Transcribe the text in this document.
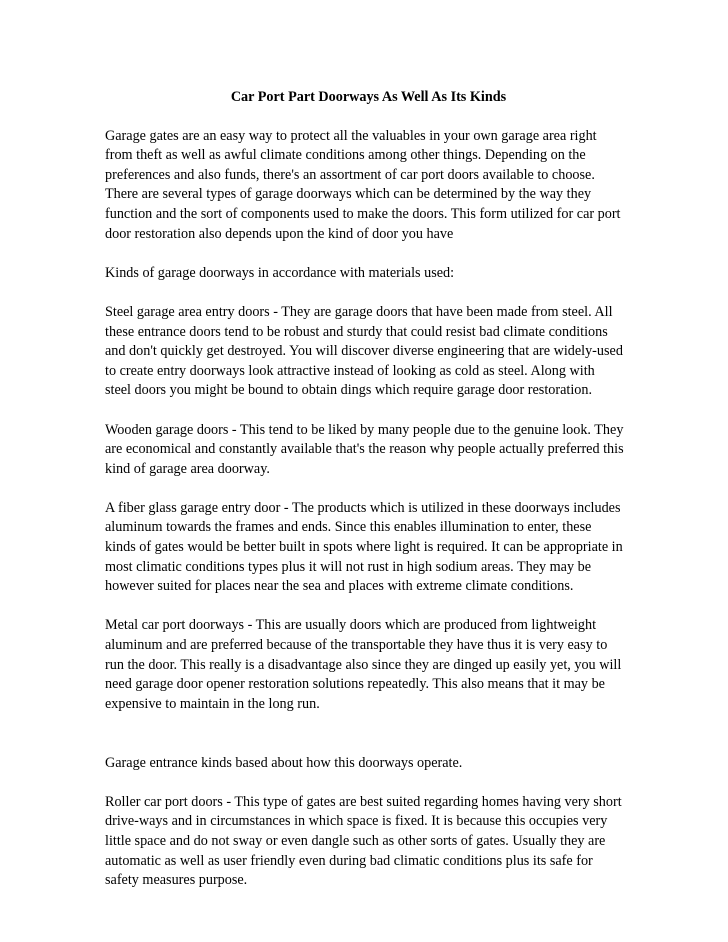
Car Port Part Doorways As Well As Its Kinds

Garage gates are an easy way to protect all the valuables in your own garage area right from theft as well as awful climate conditions among other things. Depending on the preferences and also funds, there's an assortment of car port doors available to choose. There are several types of garage doorways which can be determined by the way they function and the sort of components used to make the doors. This form utilized for car port door restoration also depends upon the kind of door you have

Kinds of garage doorways in accordance with materials used:

Steel garage area entry doors - They are garage doors that have been made from steel. All these entrance doors tend to be robust and sturdy that could resist bad climate conditions and don't quickly get destroyed. You will discover diverse engineering that are widely-used to create entry doorways look attractive instead of looking as cold as steel. Along with steel doors you might be bound to obtain dings which require garage door restoration.

Wooden garage doors - This tend to be liked by many people due to the genuine look. They are economical and constantly available that's the reason why people actually preferred this kind of garage area doorway.

A fiber glass garage entry door - The products which is utilized in these doorways includes aluminum towards the frames and ends. Since this enables illumination to enter, these kinds of gates would be better built in spots where light is required. It can be appropriate in most climatic conditions types plus it will not rust in high sodium areas. They may be however suited for places near the sea and places with extreme climate conditions.

Metal car port doorways - This are usually doors which are produced from lightweight aluminum and are preferred because of the transportable they have thus it is very easy to run the door. This really is a disadvantage also since they are dinged up easily yet, you will need garage door opener restoration solutions repeatedly. This also means that it may be expensive to maintain in the long run.

Garage entrance kinds based about how this doorways operate.

Roller car port doors - This type of gates are best suited regarding homes having very short drive-ways and in circumstances in which space is fixed. It is because this occupies very little space and do not sway or even dangle such as other sorts of gates. Usually they are automatic as well as user friendly even during bad climatic conditions plus its safe for safety measures purpose.
